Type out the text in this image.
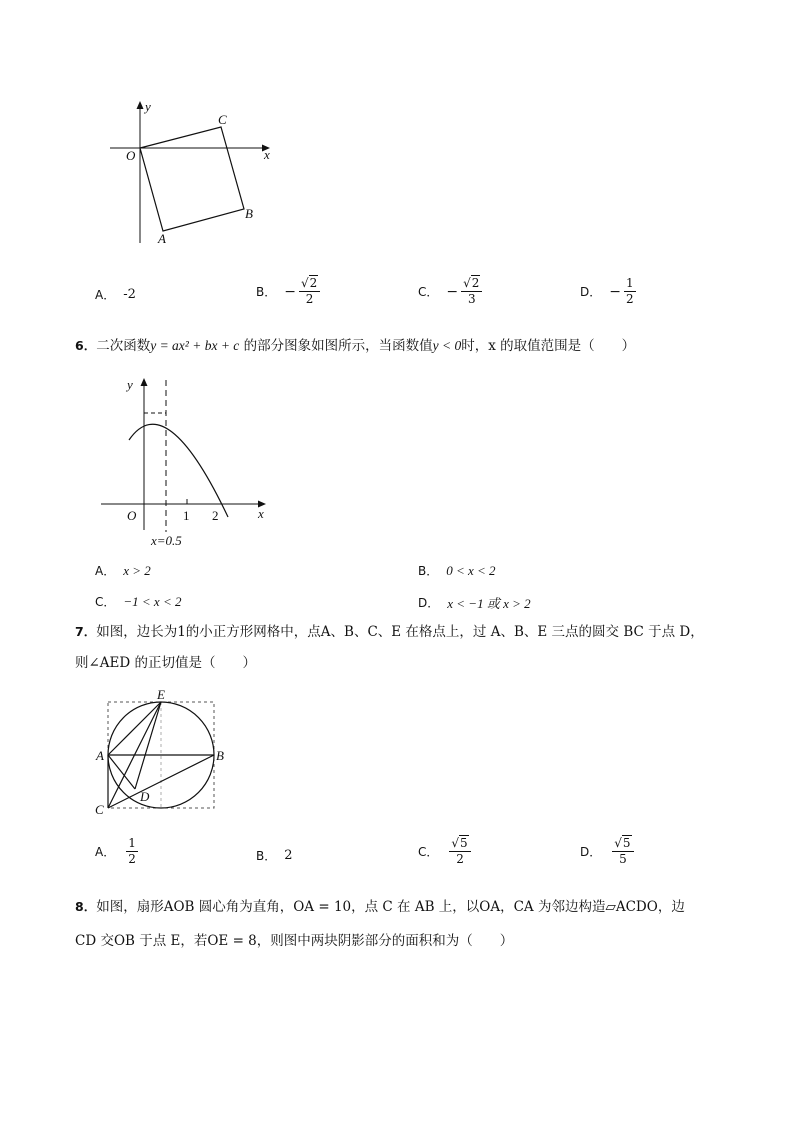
y
x
O
C
B
A
A． -2	B． − $\frac{√2}{2}$	C． − $\frac{√2}{3}$	D． − $\frac{1}{2}$
6．二次函数y = ax² + bx + c 的部分图象如图所示，当函数值y < 0时，x 的取值范围是（　　）
y
x
O	1 2
x=0.5
A． x > 2	B． 0 < x < 2
C． −1 < x < 2	D． x < −1 或 x > 2
7．如图，边长为1的小正方形网格中，点A、B、C、E 在格点上，过 A、B、E 三点的圆交 BC 于点 D，
则∠AED 的正切值是（　　）
E
A	B
C
D
A． $\frac{1}{2}$	B． 2	C． $\frac{√5}{2}$	D． $\frac{√5}{5}$
8．如图，扇形AOB 圆心角为直角，OA = 10，点 C 在 AB 上，以OA，CA 为邻边构造▱ACDO，边
CD 交OB 于点 E，若OE = 8，则图中两块阴影部分的面积和为（　　）
